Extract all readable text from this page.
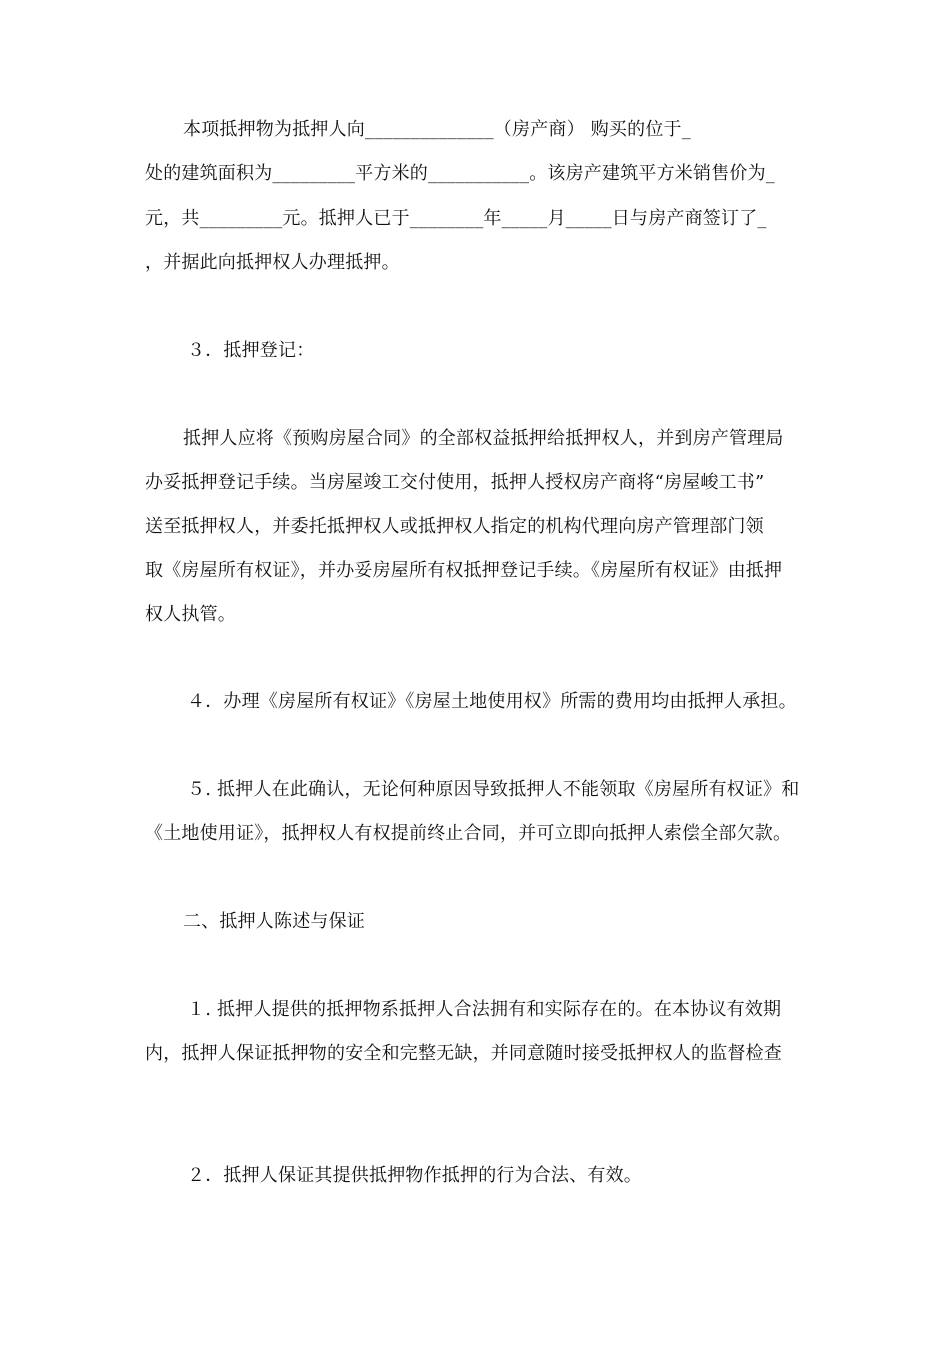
本项抵押物为抵押人向______________（房产商） 购买的位于_
处的建筑面积为_________平方米的___________。该房产建筑平方米销售价为_
元，共_________元。抵押人已于________年_____月_____日与房产商签订了_
，并据此向抵押权人办理抵押。
３．抵押登记：
抵押人应将《预购房屋合同》的全部权益抵押给抵押权人，并到房产管理局
办妥抵押登记手续。当房屋竣工交付使用，抵押人授权房产商将“房屋峻工书”
送至抵押权人，并委托抵押权人或抵押权人指定的机构代理向房产管理部门领
取《房屋所有权证》，并办妥房屋所有权抵押登记手续。《房屋所有权证》由抵押
权人执管。
４．办理《房屋所有权证》《房屋土地使用权》所需的费用均由抵押人承担。
５. 抵押人在此确认，无论何种原因导致抵押人不能领取《房屋所有权证》和
《土地使用证》，抵押权人有权提前终止合同，并可立即向抵押人索偿全部欠款。
二、抵押人陈述与保证
１. 抵押人提供的抵押物系抵押人合法拥有和实际存在的。在本协议有效期
内，抵押人保证抵押物的安全和完整无缺，并同意随时接受抵押权人的监督检查
２．抵押人保证其提供抵押物作抵押的行为合法、有效。
